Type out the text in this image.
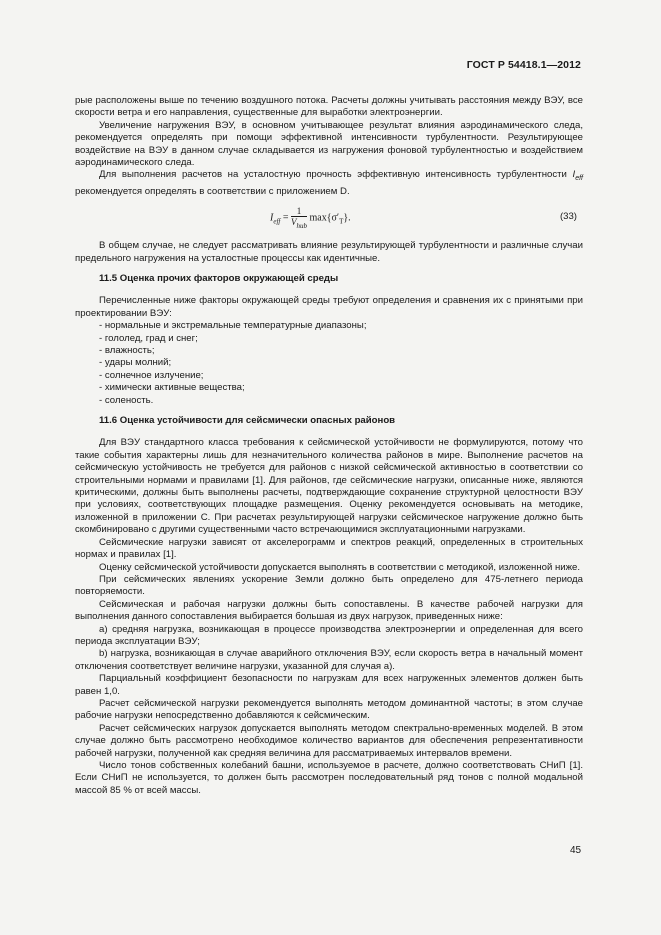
ГОСТ Р 54418.1—2012

рые расположены выше по течению воздушного потока. Расчеты должны учитывать расстояния между ВЭУ, все скорости ветра и его направления, существенные для выработки электроэнергии.

Увеличение нагружения ВЭУ, в основном учитывающее результат влияния аэродинамического следа, рекомендуется определять при помощи эффективной интенсивности турбулентности. Результирующее воздействие на ВЭУ в данном случае складывается из нагружения фоновой турбулентностью и воздействием аэродинамического следа.

Для выполнения расчетов на усталостную прочность эффективную интенсивность турбулентности $I_{eff}$ рекомендуется определять в соответствии с приложением D.

$I_{eff} = \frac{1}{V_{hub}} \max\{\sigma'_T\}$.	(33)

В общем случае, не следует рассматривать влияние результирующей турбулентности и различные случаи предельного нагружения на усталостные процессы как идентичные.

11.5 Оценка прочих факторов окружающей среды

Перечисленные ниже факторы окружающей среды требуют определения и сравнения их с принятыми при проектировании ВЭУ:

- нормальные и экстремальные температурные диапазоны;

- гололед, град и снег;

- влажность;

- удары молний;

- солнечное излучение;

- химически активные вещества;

- соленость.

11.6 Оценка устойчивости для сейсмически опасных районов

Для ВЭУ стандартного класса требования к сейсмической устойчивости не формулируются, потому что такие события характерны лишь для незначительного количества районов в мире. Выполнение расчетов на сейсмическую устойчивость не требуется для районов с низкой сейсмической активностью в соответствии со строительными нормами и правилами [1]. Для районов, где сейсмические нагрузки, описанные ниже, являются критическими, должны быть выполнены расчеты, подтверждающие сохранение структурной целостности ВЭУ при условиях, соответствующих площадке размещения. Оценку рекомендуется основывать на методике, изложенной в приложении С. При расчетах результирующей нагрузки сейсмическое нагружение должно быть скомбинировано с другими существенными часто встречающимися эксплуатационными нагрузками.

Сейсмические нагрузки зависят от акселерограмм и спектров реакций, определенных в строительных нормах и правилах [1].

Оценку сейсмической устойчивости допускается выполнять в соответствии с методикой, изложенной ниже.

При сейсмических явлениях ускорение Земли должно быть определено для 475-летнего периода повторяемости.

Сейсмическая и рабочая нагрузки должны быть сопоставлены. В качестве рабочей нагрузки для выполнения данного сопоставления выбирается большая из двух нагрузок, приведенных ниже:

а) средняя нагрузка, возникающая в процессе производства электроэнергии и определенная для всего периода эксплуатации ВЭУ;

b) нагрузка, возникающая в случае аварийного отключения ВЭУ, если скорость ветра в начальный момент отключения соответствует величине нагрузки, указанной для случая а).

Парциальный коэффициент безопасности по нагрузкам для всех нагруженных элементов должен быть равен 1,0.

Расчет сейсмической нагрузки рекомендуется выполнять методом доминантной частоты; в этом случае рабочие нагрузки непосредственно добавляются к сейсмическим.

Расчет сейсмических нагрузок допускается выполнять методом спектрально-временных моделей. В этом случае должно быть рассмотрено необходимое количество вариантов для обеспечения репрезентативности рабочей нагрузки, полученной как средняя величина для рассматриваемых интервалов времени.

Число тонов собственных колебаний башни, используемое в расчете, должно соответствовать СНиП [1]. Если СНиП не используется, то должен быть рассмотрен последовательный ряд тонов с полной модальной массой 85 % от всей массы.

45
